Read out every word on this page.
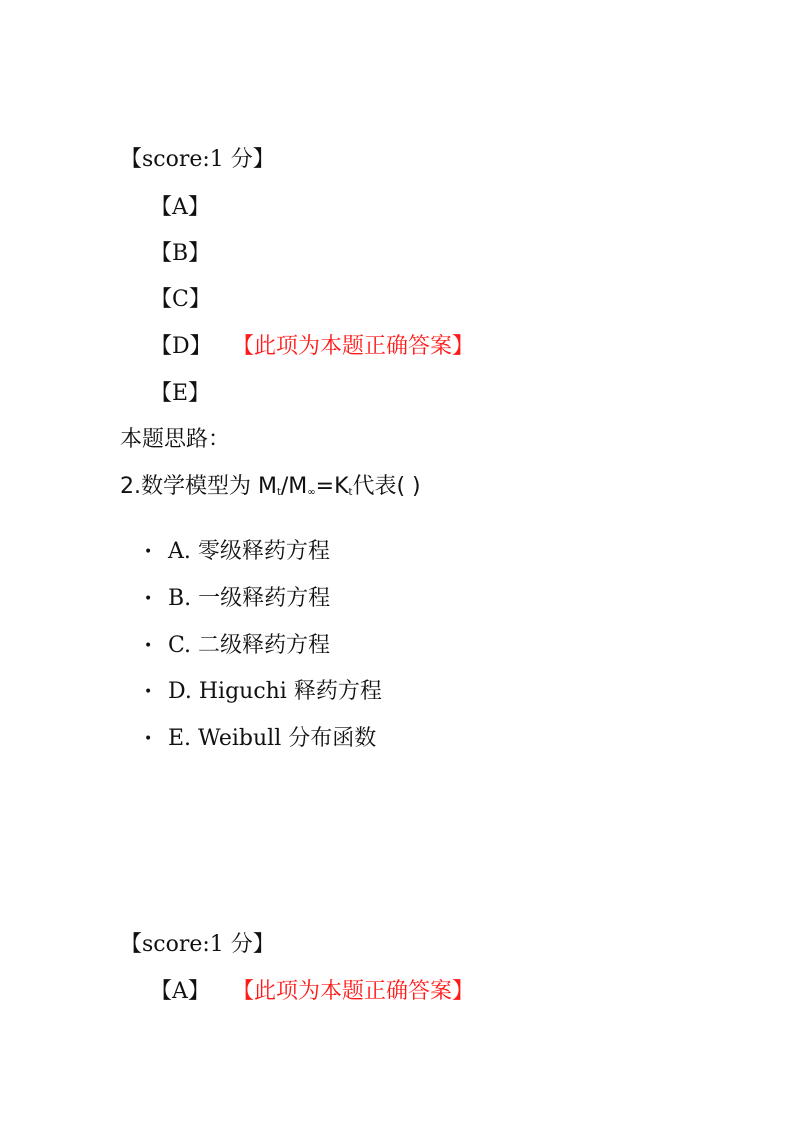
【score:1 分】
【A】
【B】
【C】
【D】 【此项为本题正确答案】
【E】
本题思路：
2.数学模型为 $M_t/M_\infty=K_t$代表( )
• A. 零级释药方程
• B. 一级释药方程
• C. 二级释药方程
• D. Higuchi 释药方程
• E. Weibull 分布函数
【score:1 分】
【A】 【此项为本题正确答案】
